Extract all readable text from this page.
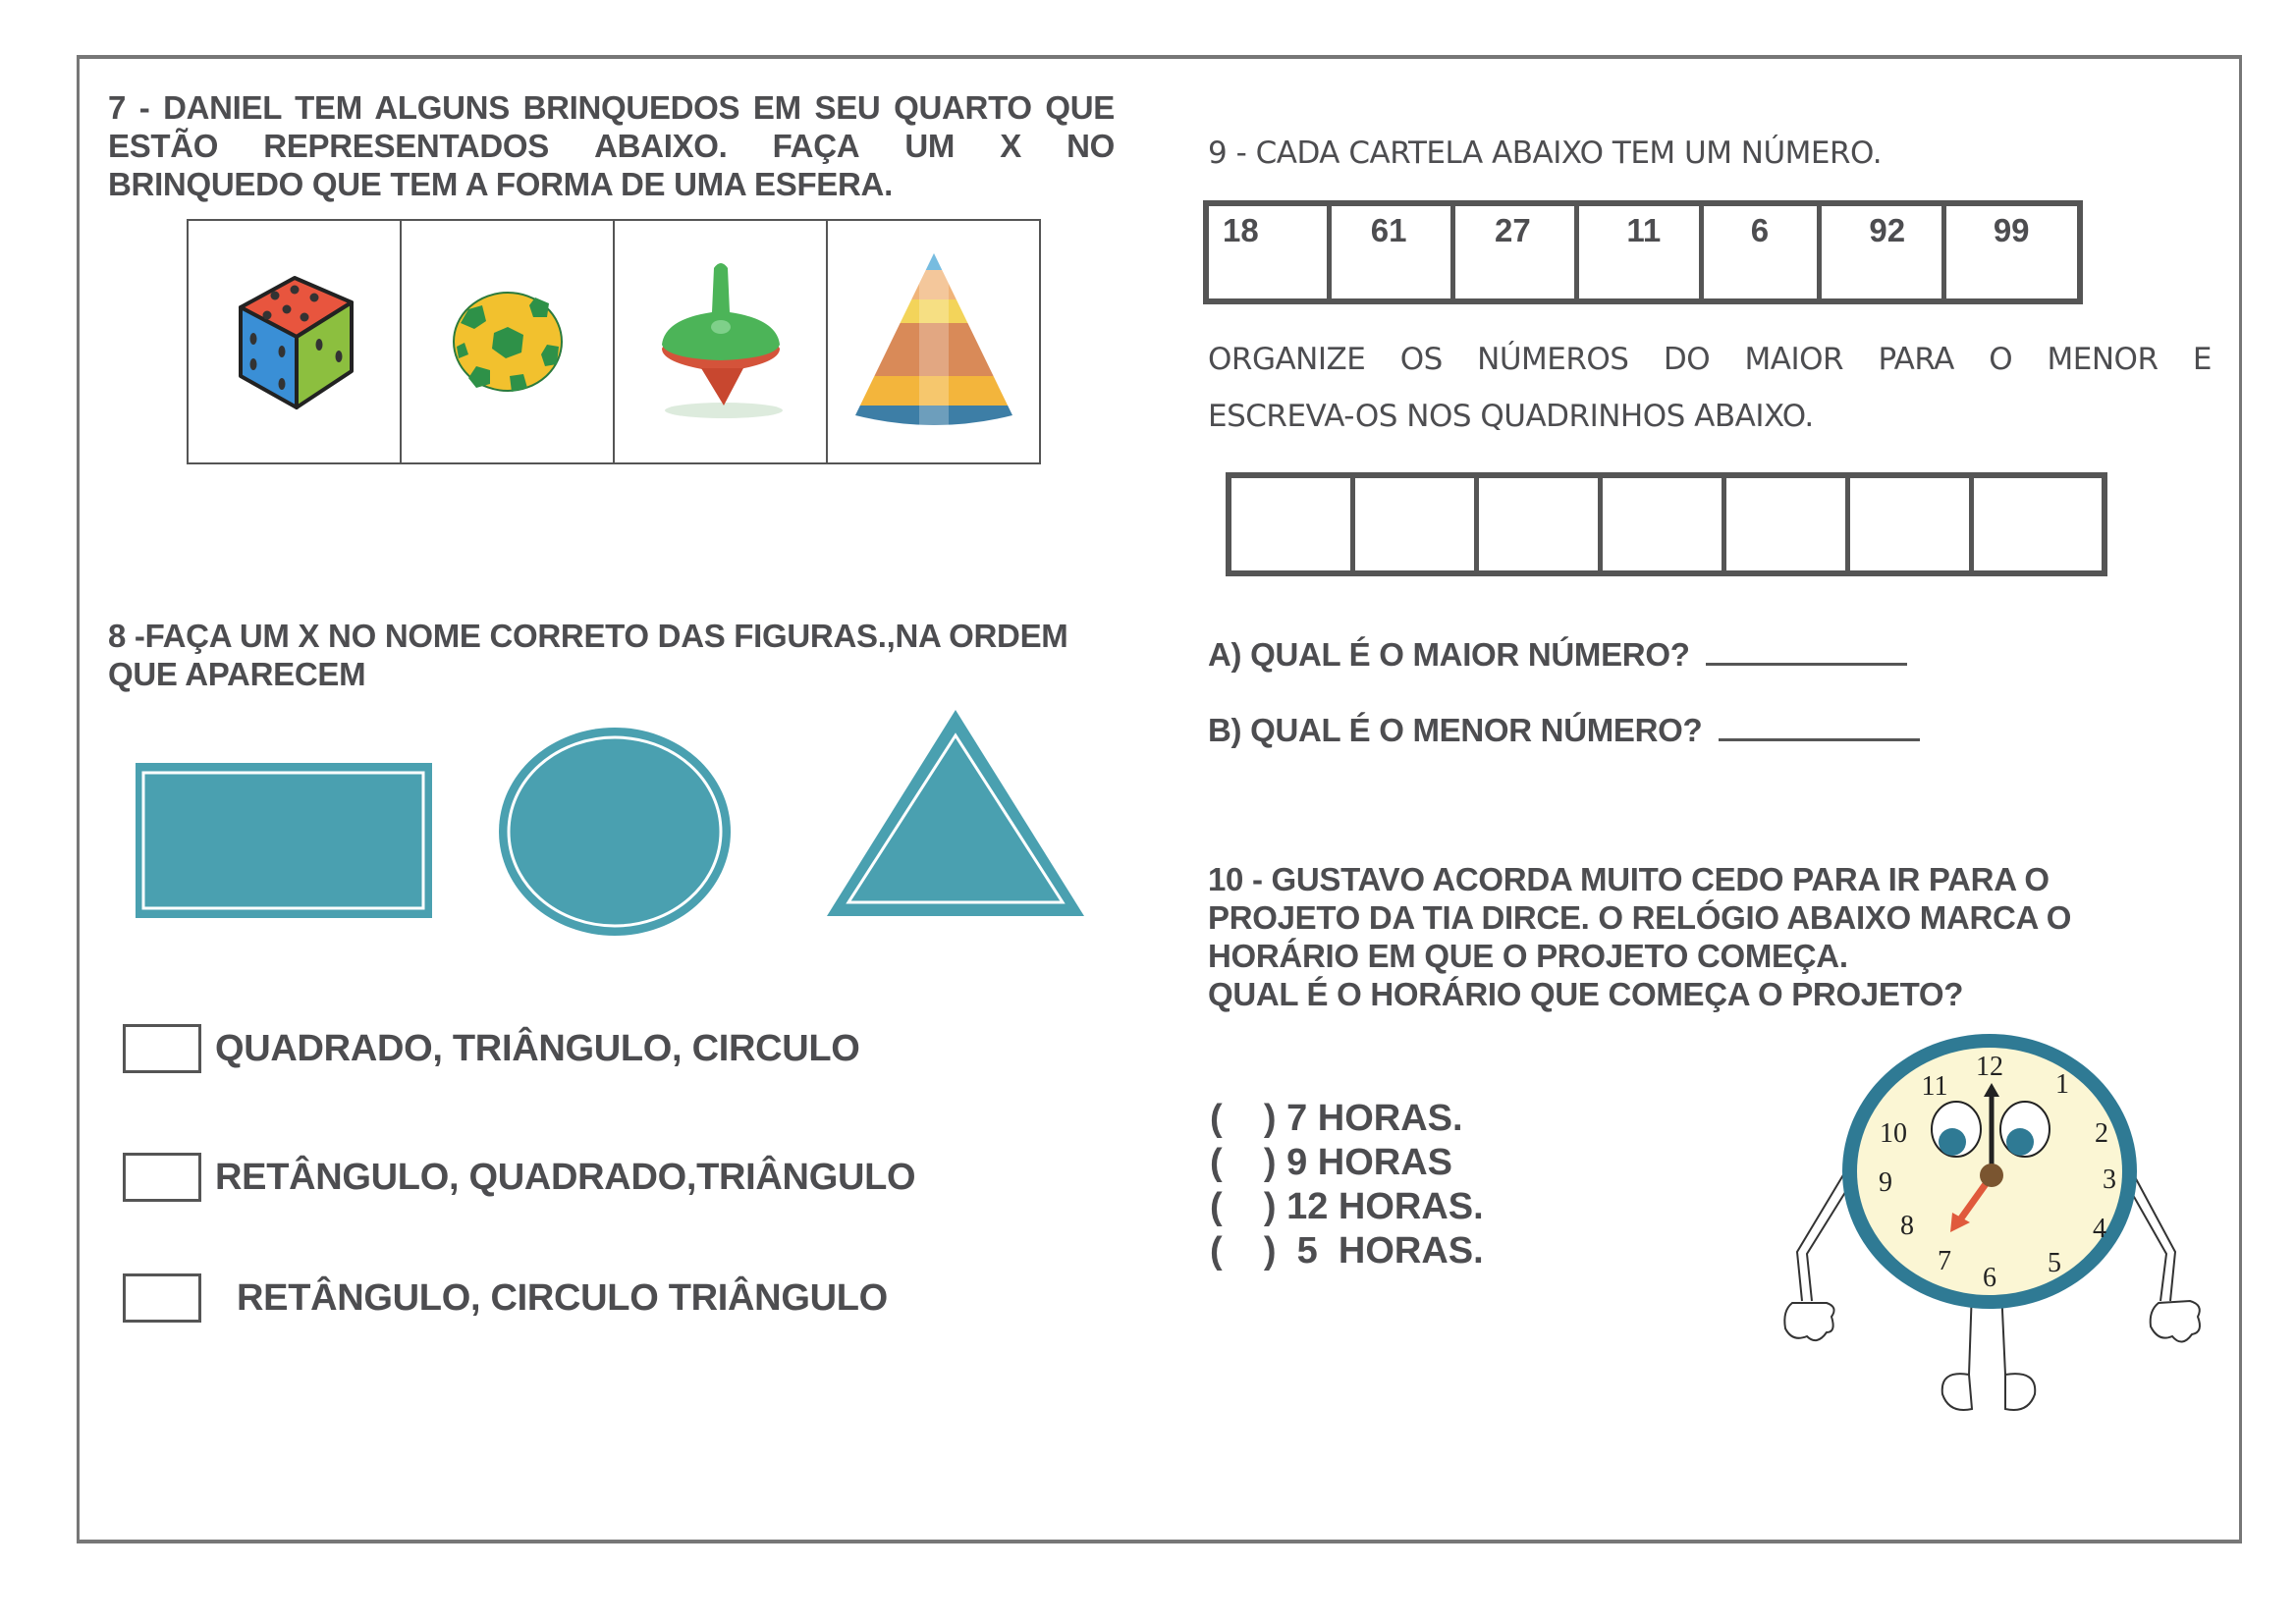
7 - DANIEL TEM ALGUNS BRINQUEDOS EM SEU QUARTO QUE
ESTÃO REPRESENTADOS ABAIXO. FAÇA UM X NO
BRINQUEDO QUE TEM A FORMA DE UMA ESFERA.
8 -FAÇA UM X NO NOME CORRETO DAS FIGURAS.,NA ORDEM
QUE APARECEM
QUADRADO, TRIÂNGULO, CIRCULO
RETÂNGULO, QUADRADO,TRIÂNGULO
RETÂNGULO, CIRCULO TRIÂNGULO
9 - CADA CARTELA ABAIXO TEM UM NÚMERO.
18	61	27	11	6	92	99
ORGANIZE OS NÚMEROS DO MAIOR PARA O MENOR E
ESCREVA-OS NOS QUADRINHOS ABAIXO.
A) QUAL É O MAIOR NÚMERO?
B) QUAL É O MENOR NÚMERO?
10 - GUSTAVO ACORDA MUITO CEDO PARA IR PARA O
PROJETO DA TIA DIRCE. O RELÓGIO ABAIXO MARCA O
HORÁRIO EM QUE O PROJETO COMEÇA.
QUAL É O HORÁRIO QUE COMEÇA O PROJETO?
(    ) 7 HORAS.
(    ) 9 HORAS
(    ) 12 HORAS.
(    )  5  HORAS.
12
1
2
3
4
5
6
7
8
9
10
11
